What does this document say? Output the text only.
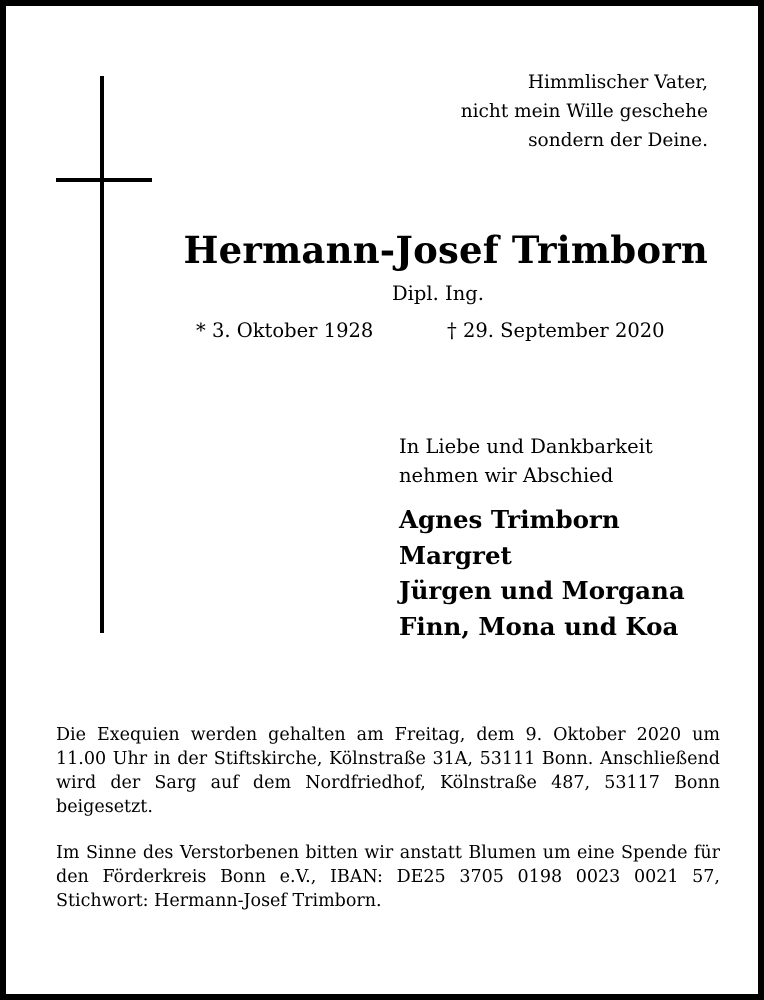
Himmlischer Vater,
nicht mein Wille geschehe
sondern der Deine.
Hermann-Josef Trimborn
Dipl. Ing.
* 3. Oktober 1928	† 29. September 2020
In Liebe und Dankbarkeit
nehmen wir Abschied
Agnes Trimborn
Margret
Jürgen und Morgana
Finn, Mona und Koa
Die Exequien werden gehalten am Freitag, dem 9. Oktober 2020 um 11.00 Uhr in der Stiftskirche, Kölnstraße 31A, 53111 Bonn. Anschließend wird der Sarg auf dem Nordfriedhof, Kölnstraße 487, 53117 Bonn beigesetzt.
Im Sinne des Verstorbenen bitten wir anstatt Blumen um eine Spende für den Förderkreis Bonn e.V., IBAN: DE25 3705 0198 0023 0021 57, Stichwort: Hermann-Josef Trimborn.
